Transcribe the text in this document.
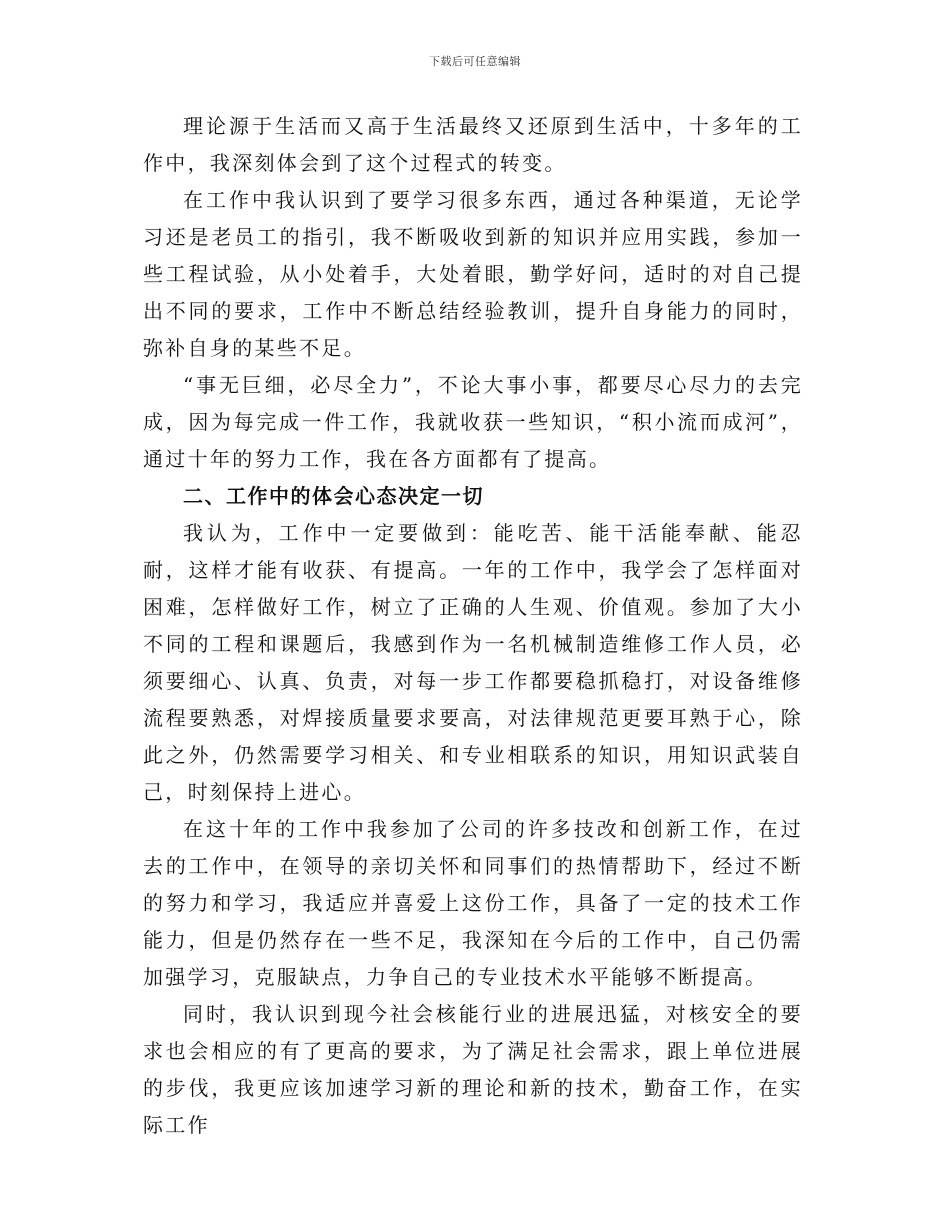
下载后可任意编辑

理论源于生活而又高于生活最终又还原到生活中，十多年的工作中，我深刻体会到了这个过程式的转变。

在工作中我认识到了要学习很多东西，通过各种渠道，无论学习还是老员工的指引，我不断吸收到新的知识并应用实践，参加一些工程试验，从小处着手，大处着眼，勤学好问，适时的对自己提出不同的要求，工作中不断总结经验教训，提升自身能力的同时，弥补自身的某些不足。

“事无巨细，必尽全力”，不论大事小事，都要尽心尽力的去完成，因为每完成一件工作，我就收获一些知识，“积小流而成河”，通过十年的努力工作，我在各方面都有了提高。

二、工作中的体会心态决定一切

我认为，工作中一定要做到：能吃苦、能干活能奉献、能忍耐，这样才能有收获、有提高。一年的工作中，我学会了怎样面对困难，怎样做好工作，树立了正确的人生观、价值观。参加了大小不同的工程和课题后，我感到作为一名机械制造维修工作人员，必须要细心、认真、负责，对每一步工作都要稳抓稳打，对设备维修流程要熟悉，对焊接质量要求要高，对法律规范更要耳熟于心，除此之外，仍然需要学习相关、和专业相联系的知识，用知识武装自己，时刻保持上进心。

在这十年的工作中我参加了公司的许多技改和创新工作，在过去的工作中，在领导的亲切关怀和同事们的热情帮助下，经过不断的努力和学习，我适应并喜爱上这份工作，具备了一定的技术工作能力，但是仍然存在一些不足，我深知在今后的工作中，自己仍需加强学习，克服缺点，力争自己的专业技术水平能够不断提高。

同时，我认识到现今社会核能行业的进展迅猛，对核安全的要求也会相应的有了更高的要求，为了满足社会需求，跟上单位进展的步伐，我更应该加速学习新的理论和新的技术，勤奋工作，在实际工作
